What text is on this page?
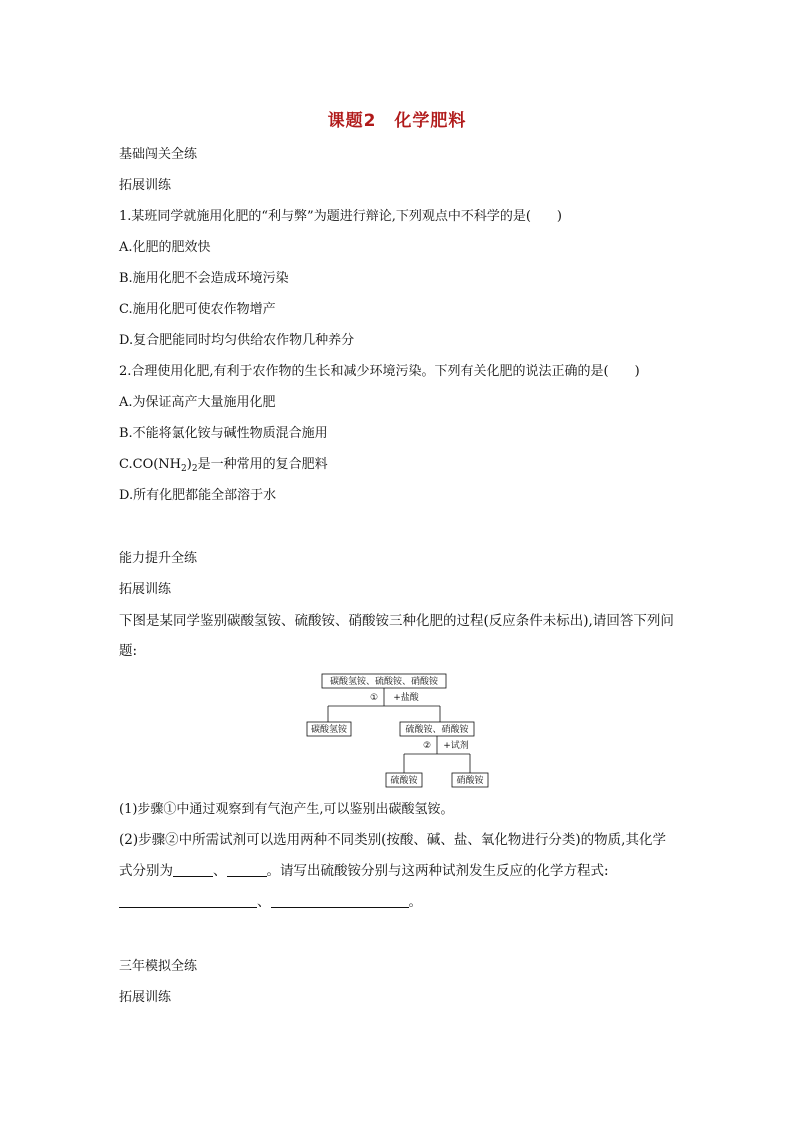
课题2　化学肥料
基础闯关全练
拓展训练
1.某班同学就施用化肥的“利与弊”为题进行辩论,下列观点中不科学的是(　　)
A.化肥的肥效快
B.施用化肥不会造成环境污染
C.施用化肥可使农作物增产
D.复合肥能同时均匀供给农作物几种养分
2.合理使用化肥,有利于农作物的生长和减少环境污染。下列有关化肥的说法正确的是(　　)
A.为保证高产大量施用化肥
B.不能将氯化铵与碱性物质混合施用
$C.CO(NH_2)_2$是一种常用的复合肥料
D.所有化肥都能全部溶于水
能力提升全练
拓展训练
下图是某同学鉴别碳酸氢铵、硫酸铵、硝酸铵三种化肥的过程(反应条件未标出),请回答下列问题:
碳酸氢铵、硫酸铵、硝酸铵
① +盐酸
碳酸氢铵	硫酸铵、硝酸铵
② +试剂
硫酸铵	硝酸铵
(1)步骤①中通过观察到有气泡产生,可以鉴别出碳酸氢铵。
(2)步骤②中所需试剂可以选用两种不同类别(按酸、碱、盐、氧化物进行分类)的物质,其化学式分别为	、	。请写出硫酸铵分别与这两种试剂发生反应的化学方程式:、	。
三年模拟全练
拓展训练
